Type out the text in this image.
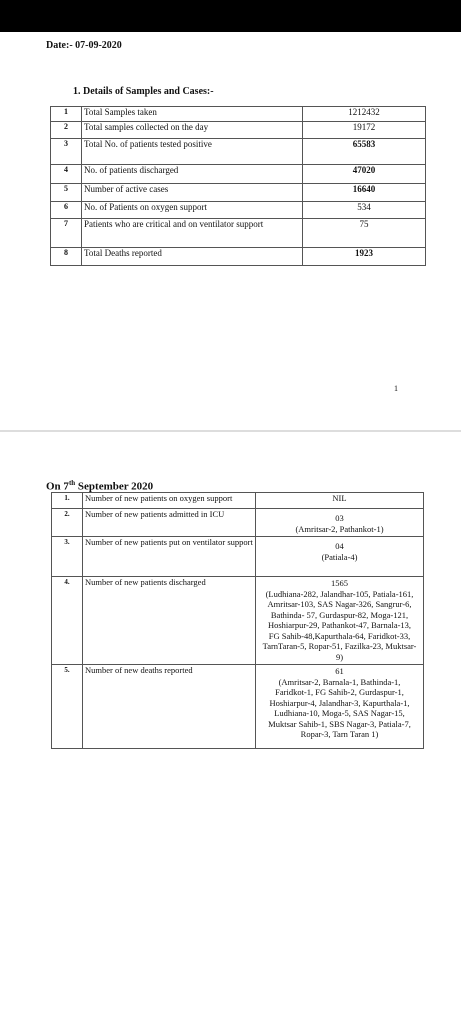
Date:- 07-09-2020
1. Details of Samples and Cases:-
1	Total Samples taken	1212432
2	Total samples collected on the day	19172
3	Total No. of patients tested positive	65583
4	No. of patients discharged	47020
5	Number of active cases	16640
6	No. of Patients on oxygen support	534
7	Patients who are critical and on ventilator support	75
8	Total Deaths reported	1923
1
On 7th September 2020
1.	Number of new patients on oxygen support	NIL

2.	Number of new patients admitted in ICU	03
(Amritsar-2, Pathankot-1)

3.	Number of new patients put on ventilator support	04
(Patiala-4)

4.	Number of new patients discharged	1565
(Ludhiana-282, Jalandhar-105, Patiala-161, Amritsar-103, SAS Nagar-326, Sangrur-6, Bathinda- 57, Gurdaspur-82, Moga-121, Hoshiarpur-29, Pathankot-47, Barnala-13, FG Sahib-48,Kapurthala-64, Faridkot-33, TarnTaran-5, Ropar-51, Fazilka-23, Muktsar-9)

5.	Number of new deaths reported	61
(Amritsar-2, Barnala-1, Bathinda-1, Faridkot-1, FG Sahib-2, Gurdaspur-1, Hoshiarpur-4, Jalandhar-3, Kapurthala-1, Ludhiana-10, Moga-5, SAS Nagar-15, Muktsar Sahib-1, SBS Nagar-3, Patiala-7, Ropar-3, Tarn Taran 1)
